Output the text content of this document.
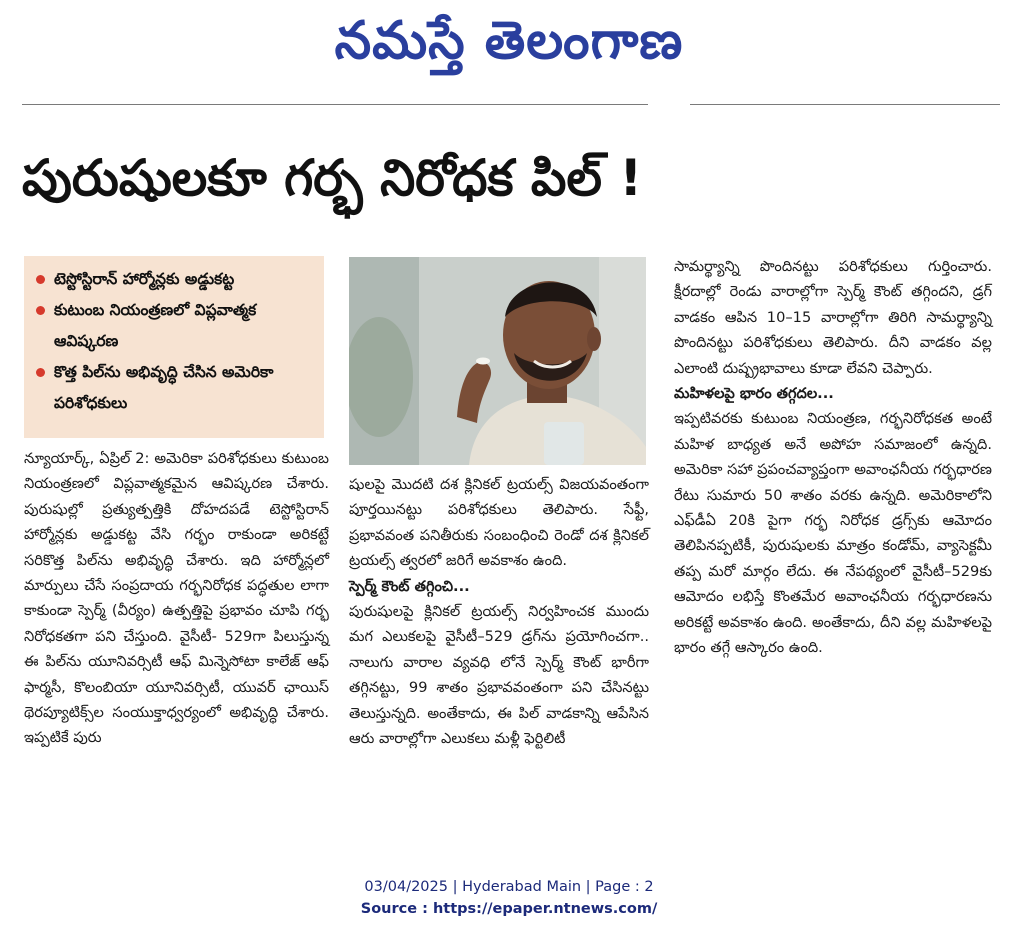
నమస్తే తెలంగాణ
పురుషులకూ గర్భ నిరోధక పిల్ !
టెస్టోస్టిరాన్ హార్మోన్లకు అడ్డుకట్ట
కుటుంబ నియంత్రణలో విప్లవాత్మక ఆవిష్కరణ
కొత్త పిల్‌ను అభివృద్ధి చేసిన అమెరికా పరిశోధకులు

న్యూయార్క్, ఏప్రిల్ 2: అమెరికా పరిశోధకులు కుటుంబ నియంత్రణలో విప్లవాత్మకమైన ఆవిష్కరణ చేశారు. పురుషుల్లో ప్రత్యుత్పత్తికి దోహదపడే టెస్టోస్టిరాన్ హార్మోన్లకు అడ్డుకట్ట వేసి గర్భం రాకుండా అరికట్టే సరికొత్త పిల్‌ను అభివృద్ధి చేశారు. ఇది హార్మోన్లలో మార్పులు చేసే సంప్రదాయ గర్భనిరోధక పద్ధతుల లాగా కాకుండా స్పెర్మ్ (వీర్యం) ఉత్పత్తిపై ప్రభావం చూపి గర్భ నిరోధకతగా పని చేస్తుంది. వైసీటీ- 529గా పిలుస్తున్న ఈ పిల్‌ను యూనివర్సిటీ ఆఫ్ మిన్నెసోటా కాలేజ్ ఆఫ్ ఫార్మసీ, కొలంబియా యూనివర్సిటీ, యువర్ ఛాయిస్ థెరప్యూటిక్స్‌ల సంయుక్తాధ్వర్యంలో అభివృద్ధి చేశారు. ఇప్పటికే పురు

షులపై మొదటి దశ క్లినికల్ ట్రయల్స్ విజయవంతంగా పూర్తయినట్టు పరిశోధకులు తెలిపారు. సేఫ్టీ, ప్రభావవంత పనితీరుకు సంబంధించి రెండో దశ క్లినికల్ ట్రయల్స్ త్వరలో జరిగే అవకాశం ఉంది.

స్పెర్మ్ కౌంట్ తగ్గించి...

పురుషులపై క్లినికల్ ట్రయల్స్ నిర్వహించక ముందు మగ ఎలుకలపై వైసీటీ–529 డ్రగ్‌ను ప్రయోగించగా.. నాలుగు వారాల వ్యవధి లోనే స్పెర్మ్ కౌంట్ భారీగా తగ్గినట్టు, 99 శాతం ప్రభావవంతంగా పని చేసినట్టు తెలుస్తున్నది. అంతేకాదు, ఈ పిల్ వాడకాన్ని ఆపేసిన ఆరు వారాల్లోగా ఎలుకలు మళ్లీ ఫెర్టిలిటీ

సామర్థ్యాన్ని పొందినట్టు పరిశోధకులు గుర్తించారు. క్షీరదాల్లో రెండు వారాల్లోగా స్పెర్మ్ కౌంట్ తగ్గిందని, డ్రగ్ వాడకం ఆపిన 10–15 వారాల్లోగా తిరిగి సామర్థ్యాన్ని పొందినట్టు పరిశోధకులు తెలిపారు. దీని వాడకం వల్ల ఎలాంటి దుష్ప్రభావాలు కూడా లేవని చెప్పారు.

మహిళలపై భారం తగ్గదల...

ఇప్పటివరకు కుటుంబ నియంత్రణ, గర్భనిరోధకత అంటే మహిళ బాధ్యత అనే అపోహ సమాజంలో ఉన్నది. అమెరికా సహా ప్రపంచవ్యాప్తంగా అవాంఛనీయ గర్భధారణ రేటు సుమారు 50 శాతం వరకు ఉన్నది. అమెరికాలోని ఎఫ్‌డీఏ 20కి పైగా గర్భ నిరోధక డ్రగ్స్‌కు ఆమోదం తెలిపినప్పటికీ, పురుషులకు మాత్రం కండోమ్, వ్యాసెక్టమీ తప్ప మరో మార్గం లేదు. ఈ నేపథ్యంలో వైసీటీ–529కు ఆమోదం లభిస్తే కొంతమేర అవాంఛనీయ గర్భధారణను అరికట్టే అవకాశం ఉంది. అంతేకాదు, దీని వల్ల మహిళలపై భారం తగ్గే ఆస్కారం ఉంది.

03/04/2025 | Hyderabad Main | Page : 2
Source : https://epaper.ntnews.com/
